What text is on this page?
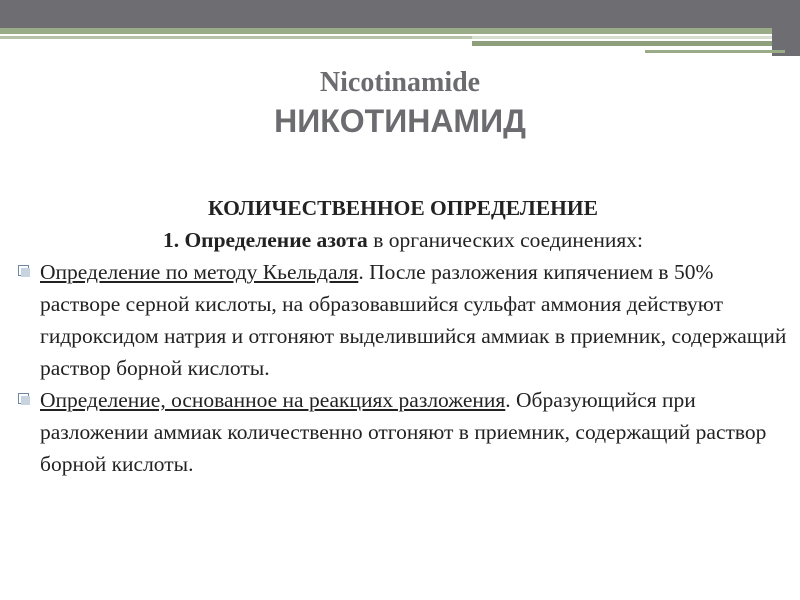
Nicotinamide
НИКОТИНАМИД

КОЛИЧЕСТВЕННОЕ ОПРЕДЕЛЕНИЕ

1. Определение азота в органических соединениях:

Определение по методу Кьельдаля. После разложения кипячением в 50% растворе серной кислоты, на образовавшийся сульфат аммония действуют гидроксидом натрия и отгоняют выделившийся аммиак в приемник, содержащий раствор борной кислоты.

Определение, основанное на реакциях разложения. Образующийся при разложении аммиак количественно отгоняют в приемник, содержащий раствор борной кислоты.
